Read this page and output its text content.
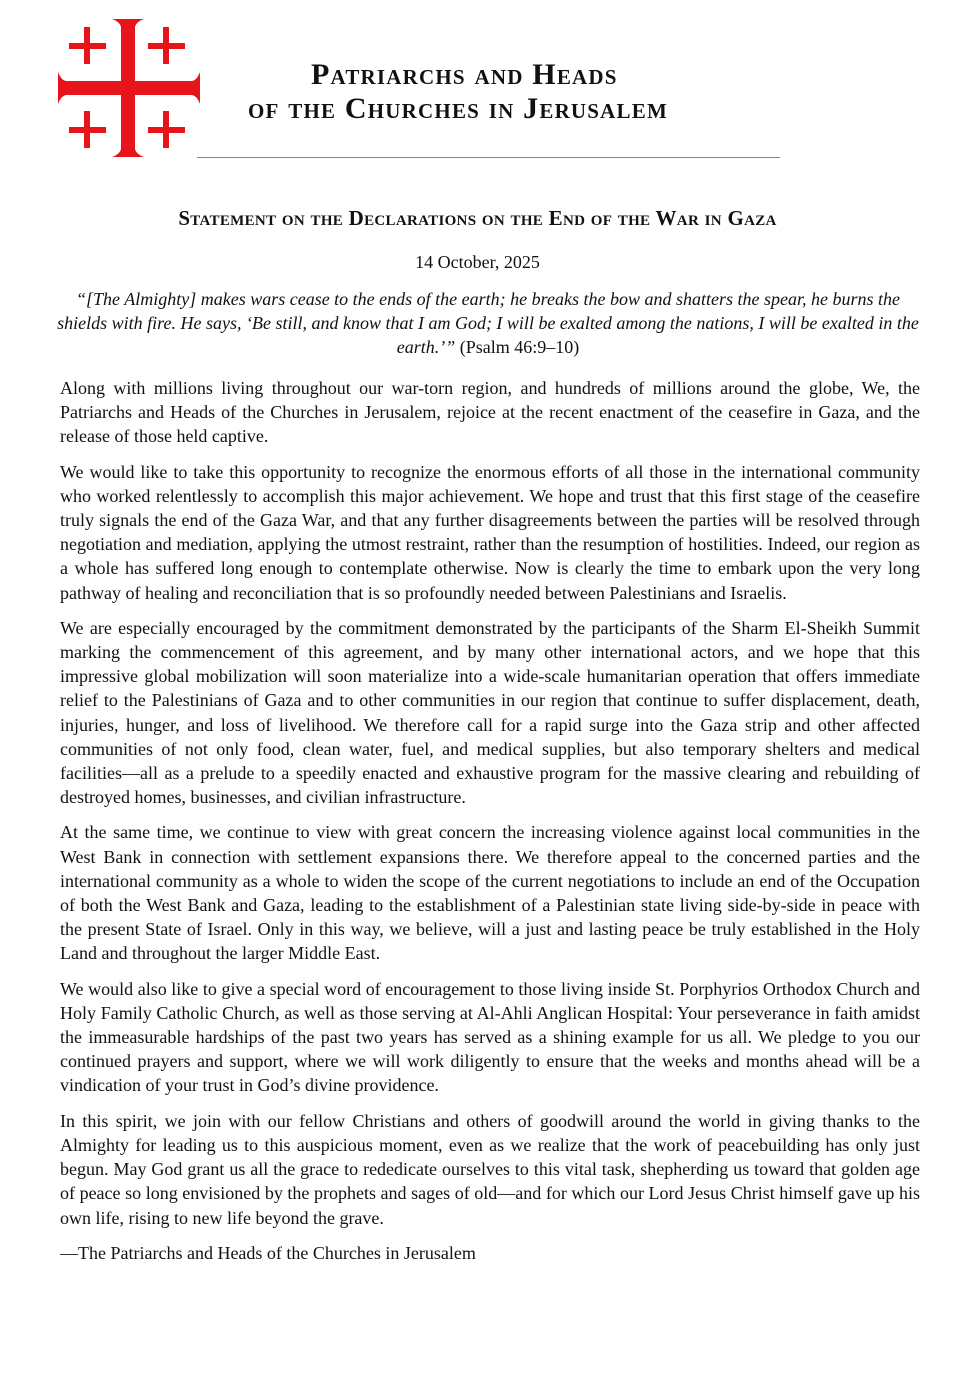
Patriarchs and Heads
of the Churches in Jerusalem
Statement on the Declarations on the End of the War in Gaza
14 October, 2025
“[The Almighty] makes wars cease to the ends of the earth; he breaks the bow and shatters the spear, he burns the shields with fire. He says, ‘Be still, and know that I am God; I will be exalted among the nations, I will be exalted in the earth.’” (Psalm 46:9–10)

Along with millions living throughout our war-torn region, and hundreds of millions around the globe, We, the Patriarchs and Heads of the Churches in Jerusalem, rejoice at the recent enactment of the ceasefire in Gaza, and the release of those held captive.

We would like to take this opportunity to recognize the enormous efforts of all those in the international community who worked relentlessly to accomplish this major achievement. We hope and trust that this first stage of the ceasefire truly signals the end of the Gaza War, and that any further disagreements between the parties will be resolved through negotiation and mediation, applying the utmost restraint, rather than the resumption of hostilities. Indeed, our region as a whole has suffered long enough to contemplate otherwise. Now is clearly the time to embark upon the very long pathway of healing and reconciliation that is so profoundly needed between Palestinians and Israelis.

We are especially encouraged by the commitment demonstrated by the participants of the Sharm El-Sheikh Summit marking the commencement of this agreement, and by many other international actors, and we hope that this impressive global mobilization will soon materialize into a wide-scale humanitarian operation that offers immediate relief to the Palestinians of Gaza and to other communities in our region that continue to suffer displacement, death, injuries, hunger, and loss of livelihood. We therefore call for a rapid surge into the Gaza strip and other affected communities of not only food, clean water, fuel, and medical supplies, but also temporary shelters and medical facilities—all as a prelude to a speedily enacted and exhaustive program for the massive clearing and rebuilding of destroyed homes, businesses, and civilian infrastructure.

At the same time, we continue to view with great concern the increasing violence against local communities in the West Bank in connection with settlement expansions there. We therefore appeal to the concerned parties and the international community as a whole to widen the scope of the current negotiations to include an end of the Occupation of both the West Bank and Gaza, leading to the establishment of a Palestinian state living side-by-side in peace with the present State of Israel. Only in this way, we believe, will a just and lasting peace be truly established in the Holy Land and throughout the larger Middle East.

We would also like to give a special word of encouragement to those living inside St. Porphyrios Orthodox Church and Holy Family Catholic Church, as well as those serving at Al-Ahli Anglican Hospital: Your perseverance in faith amidst the immeasurable hardships of the past two years has served as a shining example for us all. We pledge to you our continued prayers and support, where we will work diligently to ensure that the weeks and months ahead will be a vindication of your trust in God’s divine providence.

In this spirit, we join with our fellow Christians and others of goodwill around the world in giving thanks to the Almighty for leading us to this auspicious moment, even as we realize that the work of peacebuilding has only just begun. May God grant us all the grace to rededicate ourselves to this vital task, shepherding us toward that golden age of peace so long envisioned by the prophets and sages of old—and for which our Lord Jesus Christ himself gave up his own life, rising to new life beyond the grave.

—The Patriarchs and Heads of the Churches in Jerusalem
